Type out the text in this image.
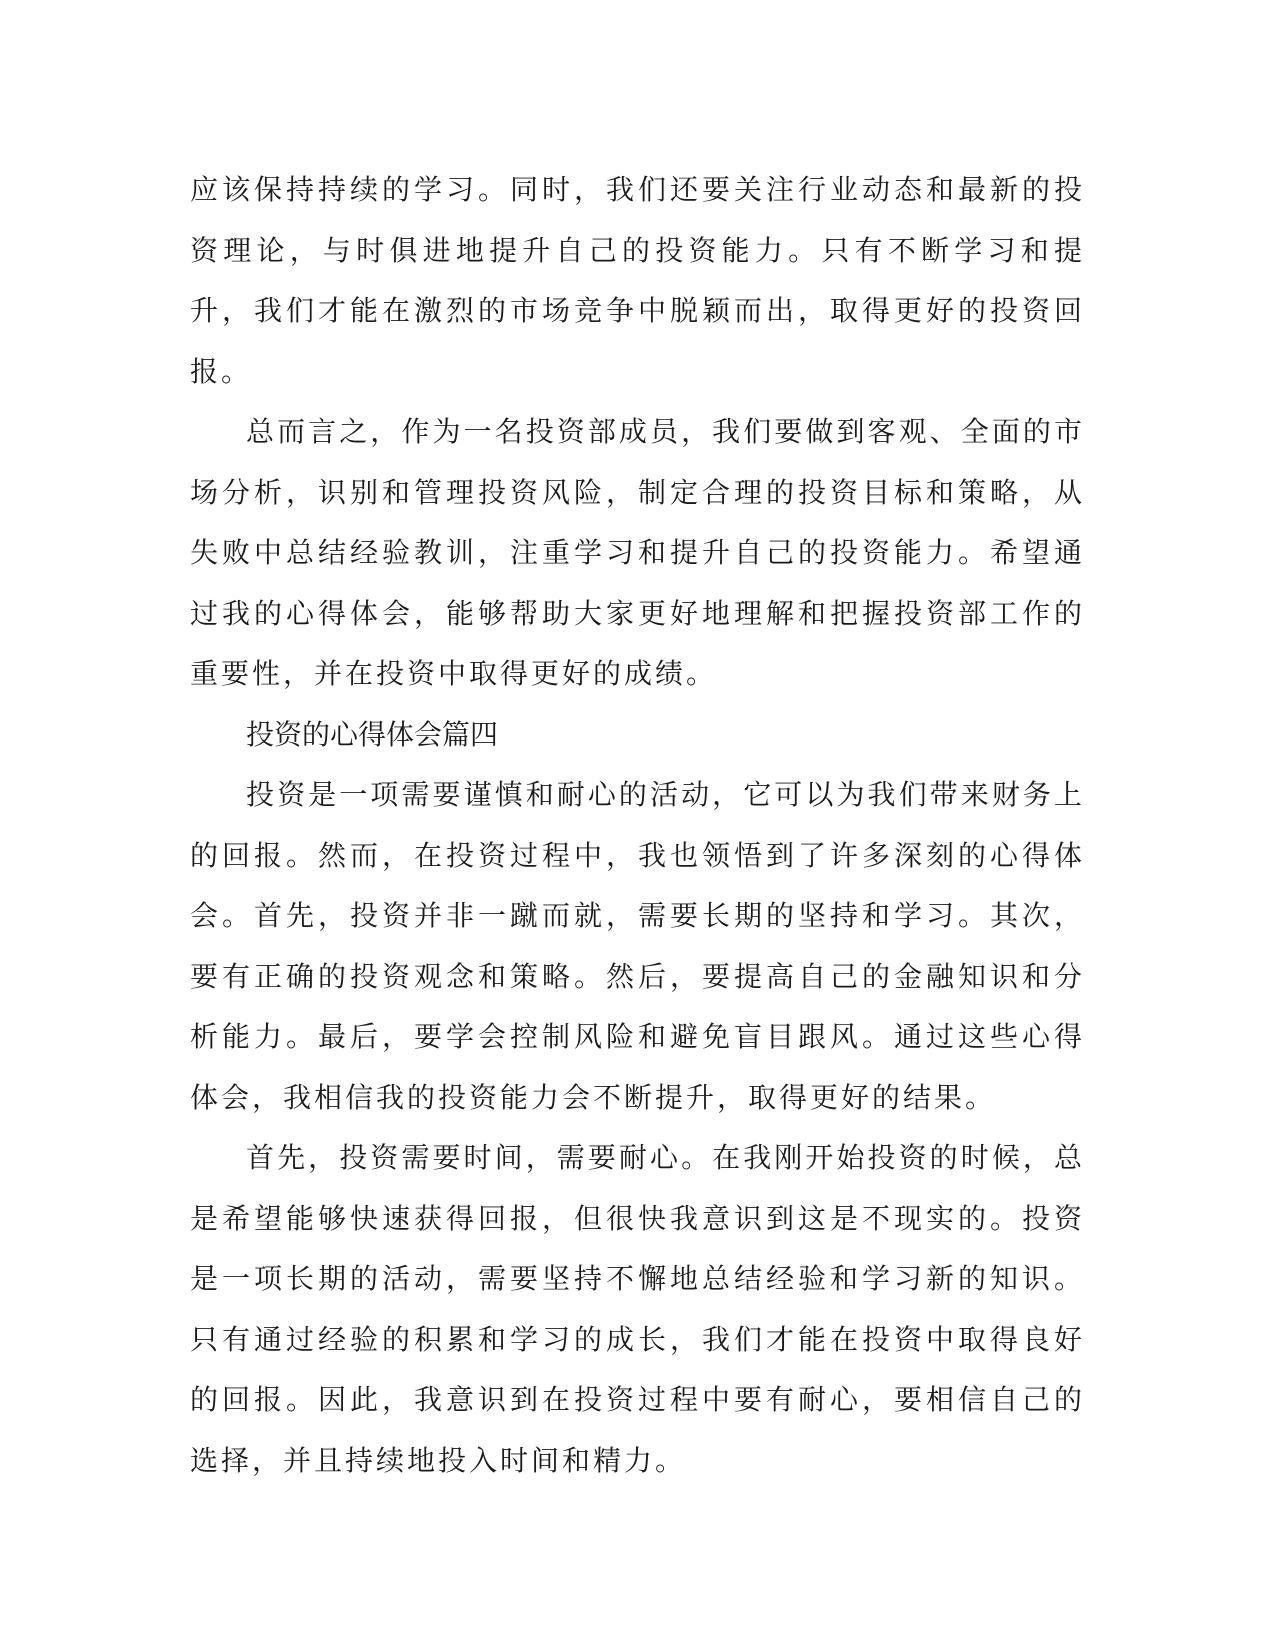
应该保持持续的学习。同时，我们还要关注行业动态和最新的投资理论，与时俱进地提升自己的投资能力。只有不断学习和提升，我们才能在激烈的市场竞争中脱颖而出，取得更好的投资回报。

总而言之，作为一名投资部成员，我们要做到客观、全面的市场分析，识别和管理投资风险，制定合理的投资目标和策略，从失败中总结经验教训，注重学习和提升自己的投资能力。希望通过我的心得体会，能够帮助大家更好地理解和把握投资部工作的重要性，并在投资中取得更好的成绩。

投资的心得体会篇四

投资是一项需要谨慎和耐心的活动，它可以为我们带来财务上的回报。然而，在投资过程中，我也领悟到了许多深刻的心得体会。首先，投资并非一蹴而就，需要长期的坚持和学习。其次，要有正确的投资观念和策略。然后，要提高自己的金融知识和分析能力。最后，要学会控制风险和避免盲目跟风。通过这些心得体会，我相信我的投资能力会不断提升，取得更好的结果。

首先，投资需要时间，需要耐心。在我刚开始投资的时候，总是希望能够快速获得回报，但很快我意识到这是不现实的。投资是一项长期的活动，需要坚持不懈地总结经验和学习新的知识。只有通过经验的积累和学习的成长，我们才能在投资中取得良好的回报。因此，我意识到在投资过程中要有耐心，要相信自己的选择，并且持续地投入时间和精力。
